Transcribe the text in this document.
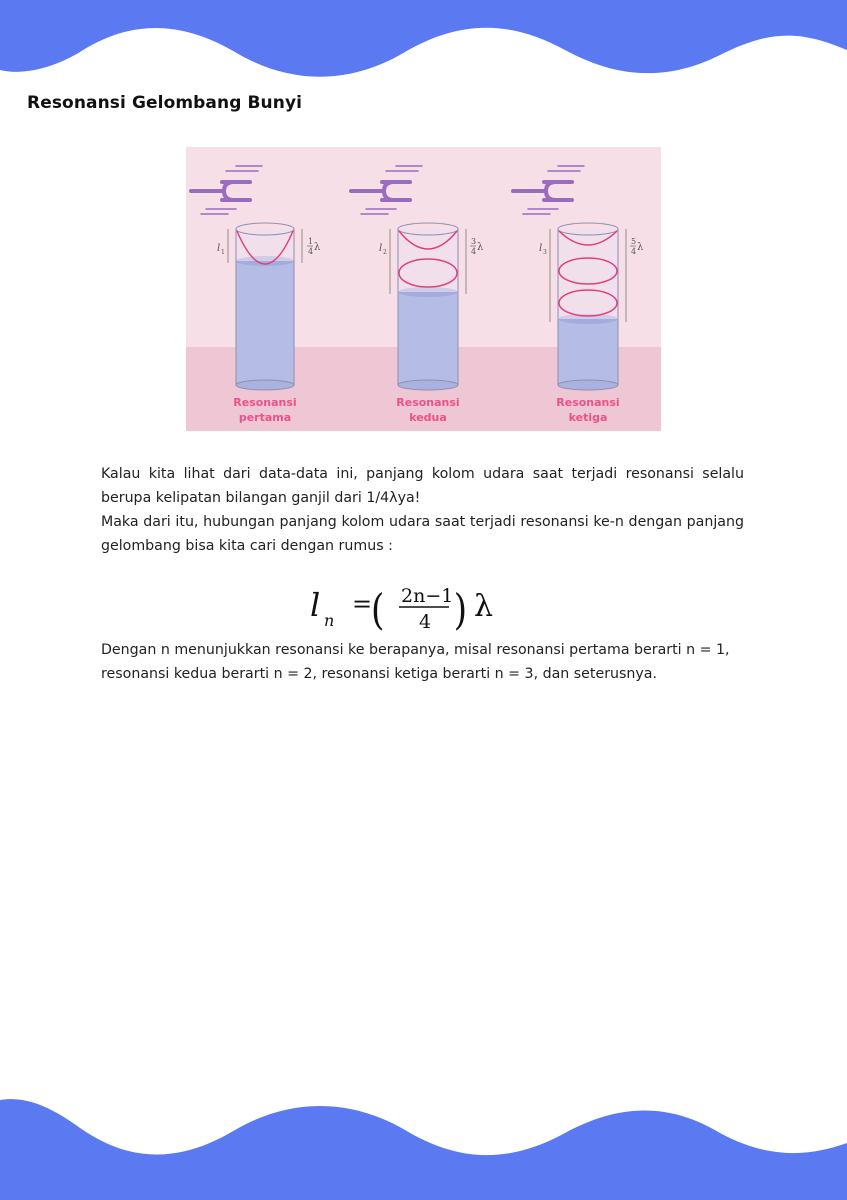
Resonansi Gelombang Bunyi
l 1
1
4 λ
Resonansi
pertama
l 2
3
4 λ
Resonansi
kedua
l 3
5
4 λ
Resonansi
ketiga
Kalau kita lihat dari data-data ini, panjang kolom udara saat terjadi resonansi selalu berupa kelipatan bilangan ganjil dari 1/4λya!
Maka dari itu, hubungan panjang kolom udara saat terjadi resonansi ke-n dengan panjang gelombang bisa kita cari dengan rumus :
l n
=
( 2n−1
4 ) λ
Dengan n menunjukkan resonansi ke berapanya, misal resonansi pertama berarti n = 1, resonansi kedua berarti n = 2, resonansi ketiga berarti n = 3, dan seterusnya.
